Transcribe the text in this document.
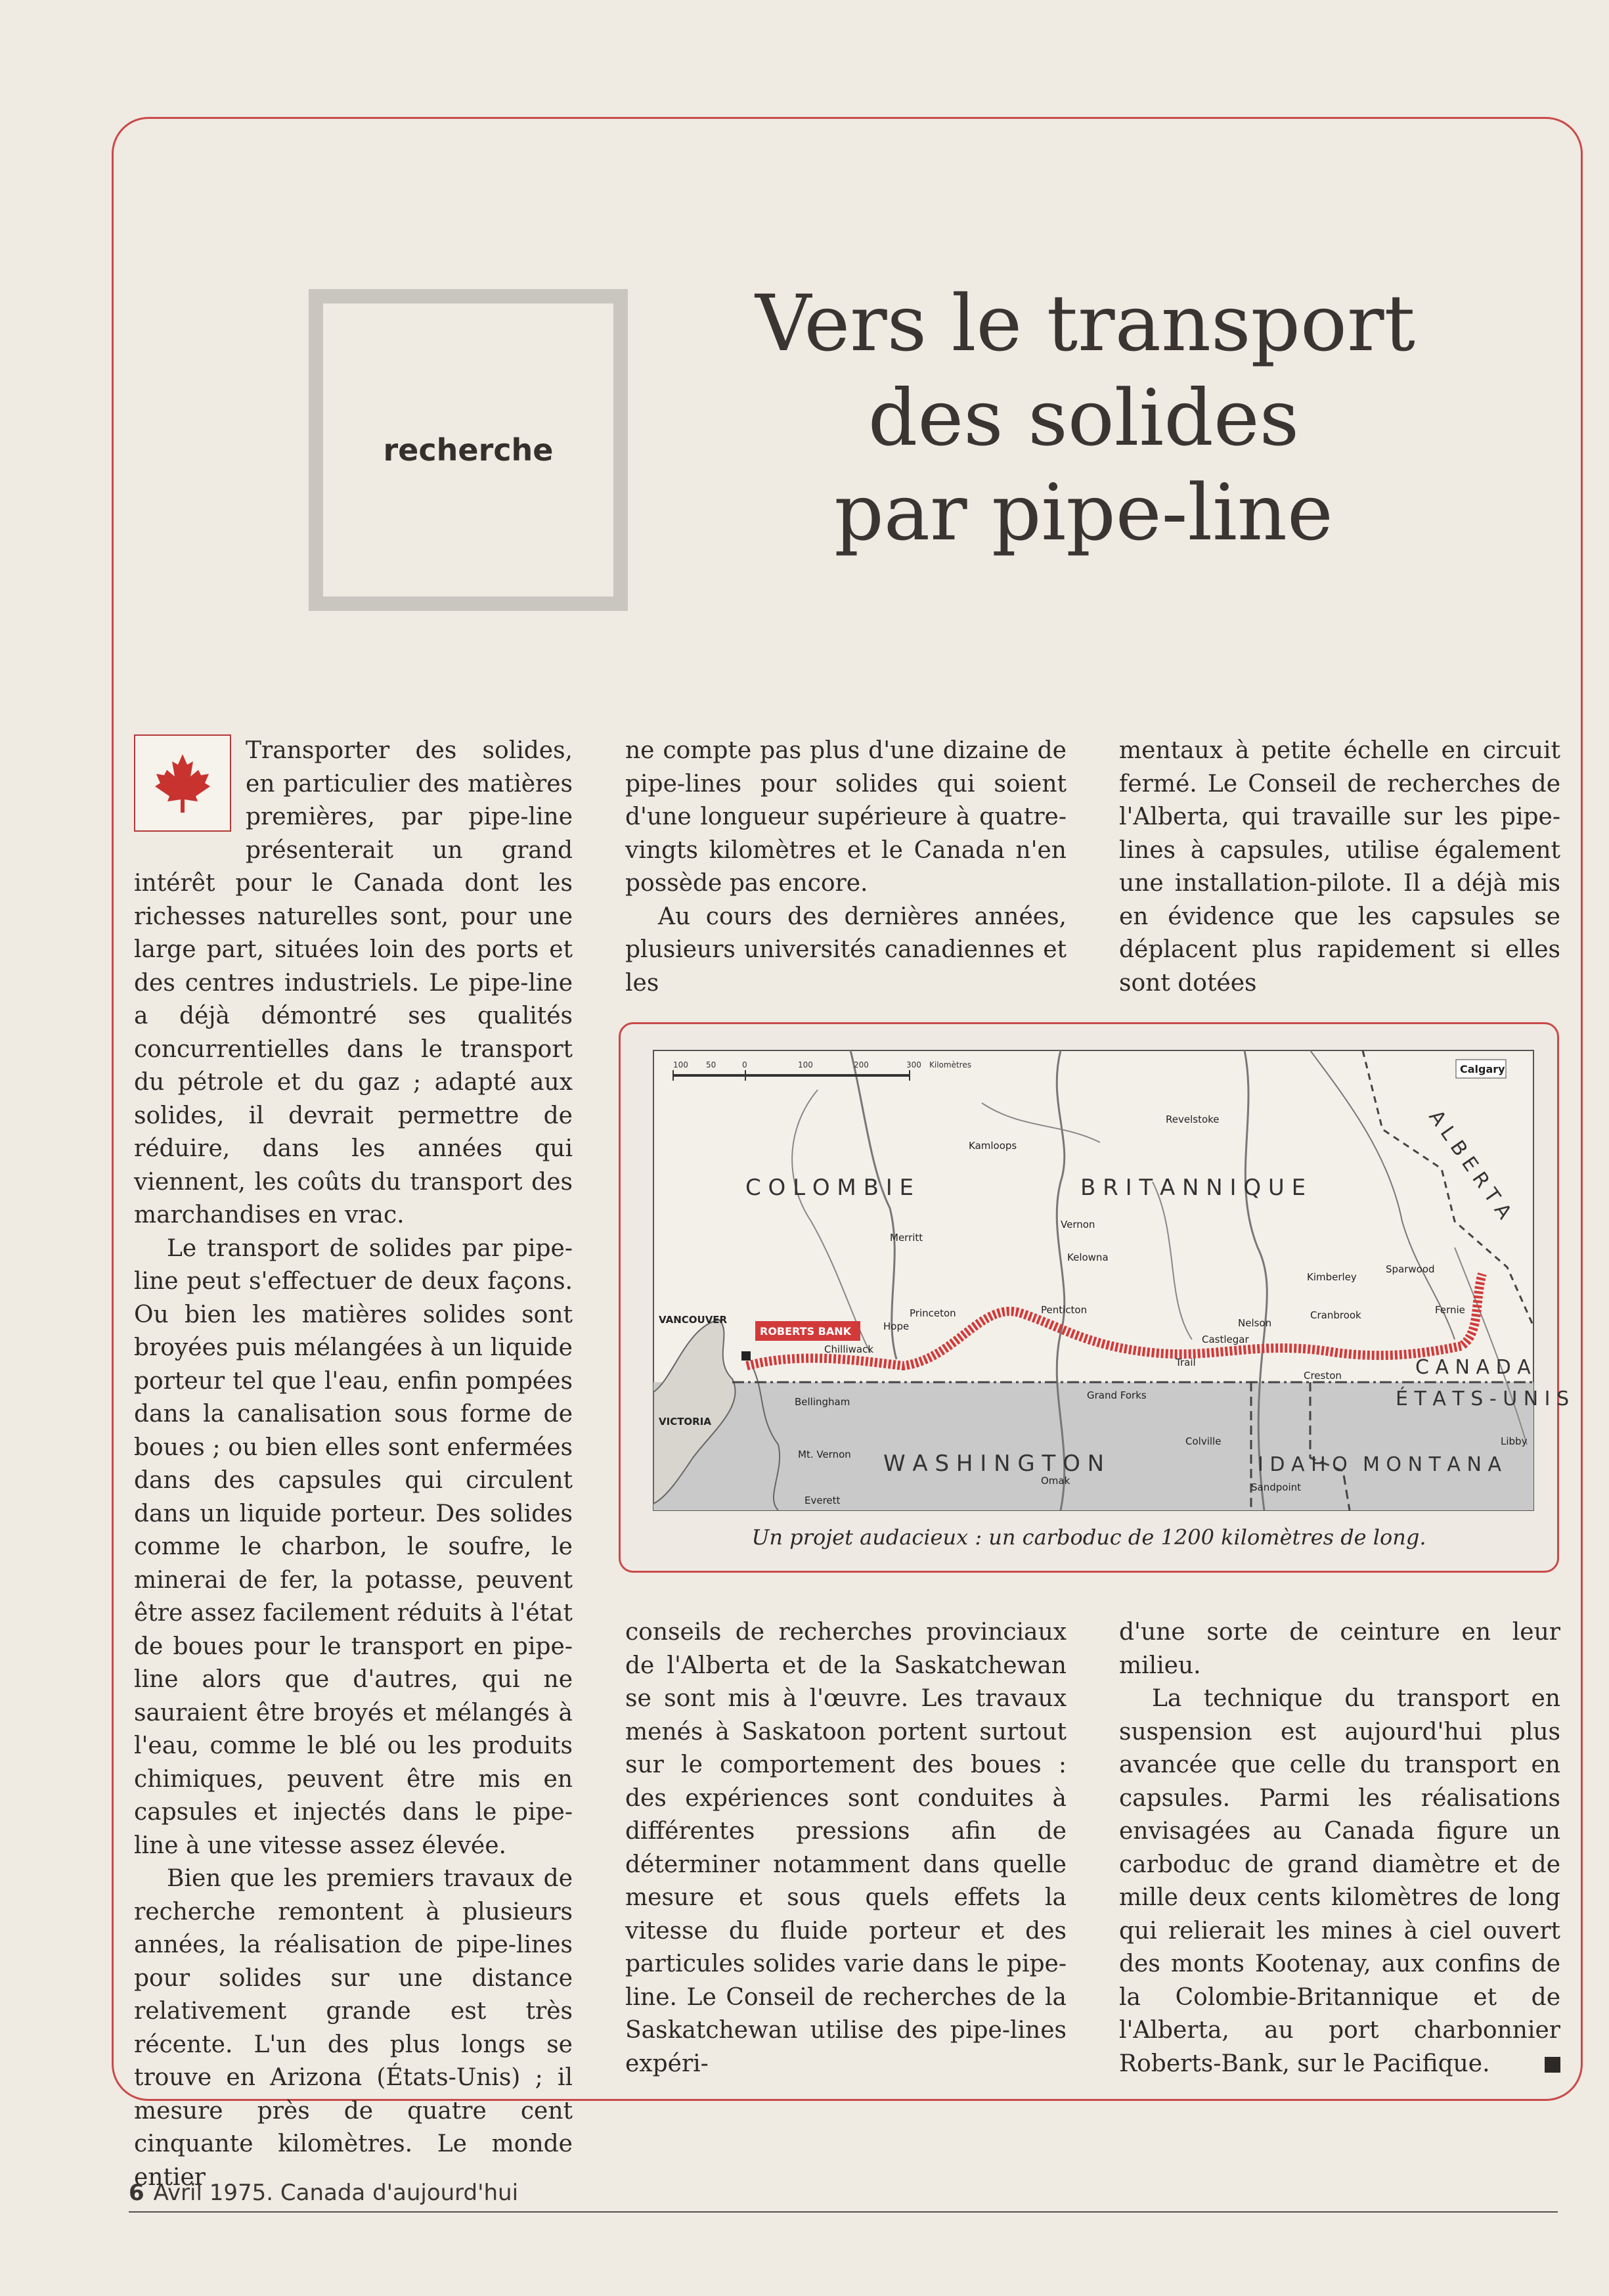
recherche
Vers le transport
des solides
par pipe-line

Transporter des solides, en particulier des matières premières, par pipe-line présenterait un grand intérêt pour le Canada dont les richesses naturelles sont, pour une large part, situées loin des ports et des centres industriels. Le pipe-line a déjà démontré ses qualités concurrentielles dans le transport du pétrole et du gaz ; adapté aux solides, il devrait permettre de réduire, dans les années qui viennent, les coûts du transport des marchandises en vrac.

Le transport de solides par pipe-line peut s'effectuer de deux façons. Ou bien les matières solides sont broyées puis mélangées à un liquide porteur tel que l'eau, enfin pompées dans la canalisation sous forme de boues ; ou bien elles sont enfermées dans des capsules qui circulent dans un liquide porteur. Des solides comme le charbon, le soufre, le minerai de fer, la potasse, peuvent être assez facilement réduits à l'état de boues pour le transport en pipe-line alors que d'autres, qui ne sauraient être broyés et mélangés à l'eau, comme le blé ou les produits chimiques, peuvent être mis en capsules et injectés dans le pipe-line à une vitesse assez élevée.

Bien que les premiers travaux de recherche remontent à plusieurs années, la réalisation de pipe-lines pour solides sur une distance relativement grande est très récente. L'un des plus longs se trouve en Arizona (États-Unis) ; il mesure près de quatre cent cinquante kilomètres. Le monde entier

ne compte pas plus d'une dizaine de pipe-lines pour solides qui soient d'une longueur supérieure à quatre-vingts kilomètres et le Canada n'en possède pas encore.

Au cours des dernières années, plusieurs universités canadiennes et les

mentaux à petite échelle en circuit fermé. Le Conseil de recherches de l'Alberta, qui travaille sur les pipe-lines à capsules, utilise également une installation-pilote. Il a déjà mis en évidence que les capsules se déplacent plus rapidement si elles sont dotées

100 50	0	100	200	300 Kilomètres
C O L O M B I E	B R I T A N N I Q U E	A L B E R T A
W A S H I N G T O N	I D A H O M O N T A N A
C A N A D A
É T A T S - U N I S
Calgary
Revelstoke
Kamloops
Merritt
Vernon
Kelowna
Princeton	Penticton
Hope
Chilliwack
VANCOUVER
ROBERTS BANK
VICTORIA
Bellingham
Mt. Vernon
Everett
Kimberley
Cranbrook
Sparwood
Fernie
Nelson
Castlegar
Trail
Creston
Grand Forks
Colville
Omak
Sandpoint
Libby
Un projet audacieux : un carboduc de 1200 kilomètres de long.

conseils de recherches provinciaux de l'Alberta et de la Saskatchewan se sont mis à l'œuvre. Les travaux menés à Saskatoon portent surtout sur le comportement des boues : des expériences sont conduites à différentes pressions afin de déterminer notamment dans quelle mesure et sous quels effets la vitesse du fluide porteur et des particules solides varie dans le pipe-line. Le Conseil de recherches de la Saskatchewan utilise des pipe-lines expéri-

d'une sorte de ceinture en leur milieu.

La technique du transport en suspension est aujourd'hui plus avancée que celle du transport en capsules. Parmi les réalisations envisagées au Canada figure un carboduc de grand diamètre et de mille deux cents kilomètres de long qui relierait les mines à ciel ouvert des monts Kootenay, aux confins de la Colombie-Britannique et de l'Alberta, au port charbonnier Roberts-Bank, sur le Pacifique.

6 Avril 1975. Canada d'aujourd'hui
